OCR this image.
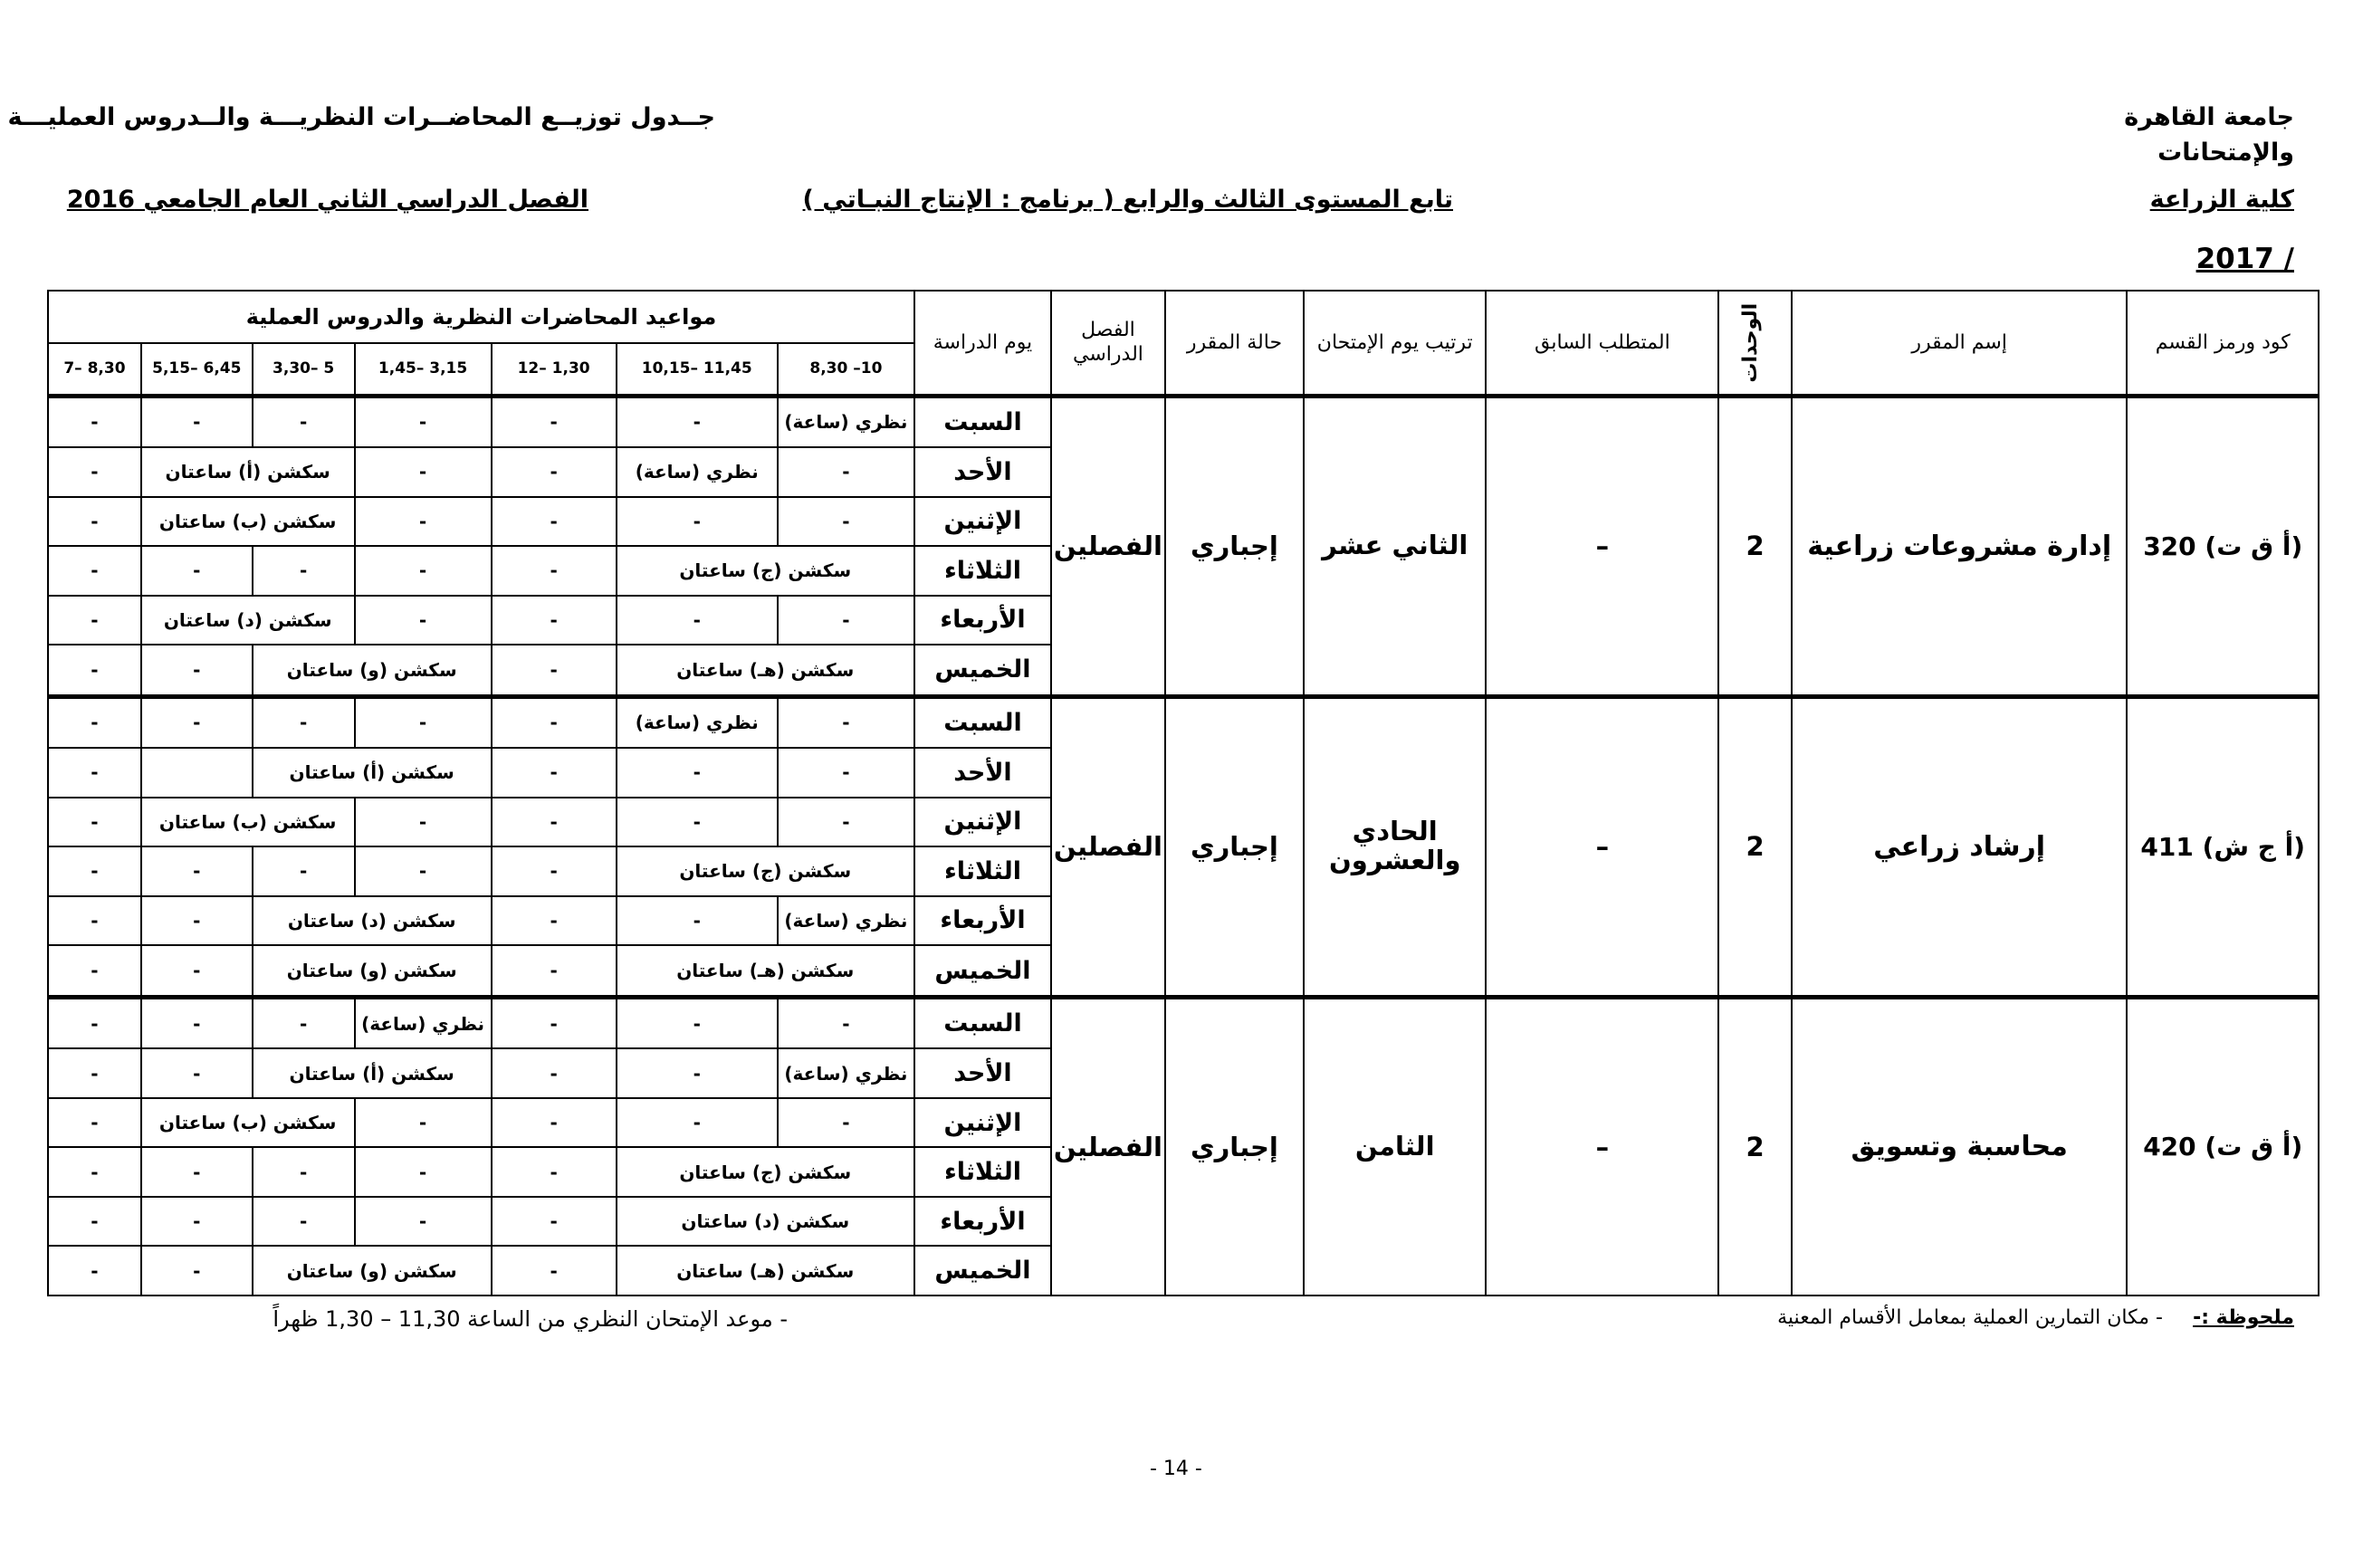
جامعة القاهرة
والإمتحانات
كلية الزراعة
2017 /
جــدول توزيــع المحاضــرات النظريـــة والــدروس العمليـــة
تابع المستوى الثالث والرابع ( برنامج : الإنتاج النبـاتي )
الفصل الدراسي الثاني العام الجامعي 2016
كود ورمز القسم	إسم المقرر	الوحدات	المتطلب السابق	ترتيب يوم الإمتحان	حالة المقرر	الفصل الدراسي	يوم الدراسة	مواعيد المحاضرات النظرية والدروس العملية						
								8,30 –10	10,15– 11,45	12– 1,30	1,45– 3,15	3,30– 5	5,15– 6,45	7– 8,30
(أ ق ت) 320	إدارة مشروعات زراعية	2	–	الثاني عشر	إجباري	الفصلين	السبت	نظري (ساعة)	-	-	-	-	-	-
							الأحد	-	نظري (ساعة)	-	-	سكشن (أ) ساعتان		-
							الإثنين	-	-	-	-	سكشن (ب) ساعتان		-
							الثلاثاء	سكشن (ج) ساعتان		-	-	-	-	-
							الأربعاء	-	-	-	-	سكشن (د) ساعتان		-
							الخميس	سكشن (هـ) ساعتان		-	سكشن (و) ساعتان		-	-
(أ ج ش) 411	إرشاد زراعي	2	–	الحادي والعشرون	إجباري	الفصلين	السبت	-	نظري (ساعة)	-	-	-	-	-
							الأحد	-	-	-	سكشن (أ) ساعتان			-
							الإثنين	-	-	-	-	سكشن (ب) ساعتان		-
							الثلاثاء	سكشن (ج) ساعتان		-	-	-	-	-
							الأربعاء	نظري (ساعة)	-	-	سكشن (د) ساعتان		-	-
							الخميس	سكشن (هـ) ساعتان		-	سكشن (و) ساعتان		-	-
(أ ق ت) 420	محاسبة وتسويق	2	–	الثامن	إجباري	الفصلين	السبت	-	-	-	نظري (ساعة)	-	-	-
							الأحد	نظري (ساعة)	-	-	سكشن (أ) ساعتان		-	-
							الإثنين	-	-	-	-	سكشن (ب) ساعتان		-
							الثلاثاء	سكشن (ج) ساعتان		-	-	-	-	-
							الأربعاء	سكشن (د) ساعتان		-	-	-	-	-
							الخميس	سكشن (هـ) ساعتان		-	سكشن (و) ساعتان		-	-
ملحوظة :-
- مكان التمارين العملية بمعامل الأقسام المعنية
- موعد الإمتحان النظري من الساعة 11,30 – 1,30 ظهراً
- 14 -
